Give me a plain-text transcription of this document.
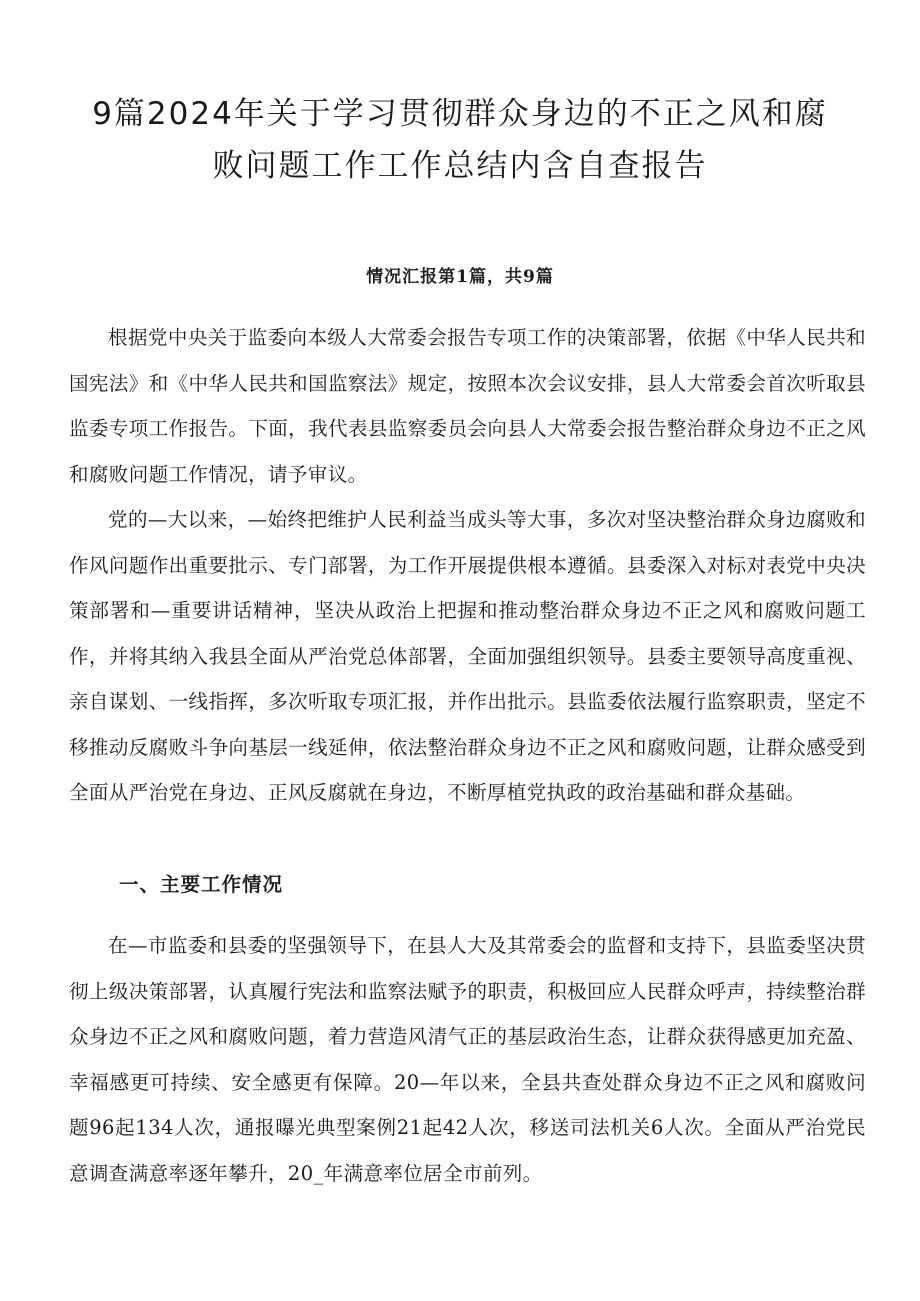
9篇2024年关于学习贯彻群众身边的不正之风和腐
败问题工作工作总结内含自查报告
情况汇报第1篇，共9篇

根据党中央关于监委向本级人大常委会报告专项工作的决策部署，依据《中华人民共和国宪法》和《中华人民共和国监察法》规定，按照本次会议安排，县人大常委会首次听取县监委专项工作报告。下面，我代表县监察委员会向县人大常委会报告整治群众身边不正之风和腐败问题工作情况，请予审议。

党的—大以来，—始终把维护人民利益当成头等大事，多次对坚决整治群众身边腐败和作风问题作出重要批示、专门部署，为工作开展提供根本遵循。县委深入对标对表党中央决策部署和—重要讲话精神，坚决从政治上把握和推动整治群众身边不正之风和腐败问题工作，并将其纳入我县全面从严治党总体部署，全面加强组织领导。县委主要领导高度重视、亲自谋划、一线指挥，多次听取专项汇报，并作出批示。县监委依法履行监察职责，坚定不移推动反腐败斗争向基层一线延伸，依法整治群众身边不正之风和腐败问题，让群众感受到全面从严治党在身边、正风反腐就在身边，不断厚植党执政的政治基础和群众基础。

一、主要工作情况

在—市监委和县委的坚强领导下，在县人大及其常委会的监督和支持下，县监委坚决贯彻上级决策部署，认真履行宪法和监察法赋予的职责，积极回应人民群众呼声，持续整治群众身边不正之风和腐败问题，着力营造风清气正的基层政治生态，让群众获得感更加充盈、幸福感更可持续、安全感更有保障。20—年以来，全县共查处群众身边不正之风和腐败问题96起134人次，通报曝光典型案例21起42人次，移送司法机关6人次。全面从严治党民意调查满意率逐年攀升，20_年满意率位居全市前列。
